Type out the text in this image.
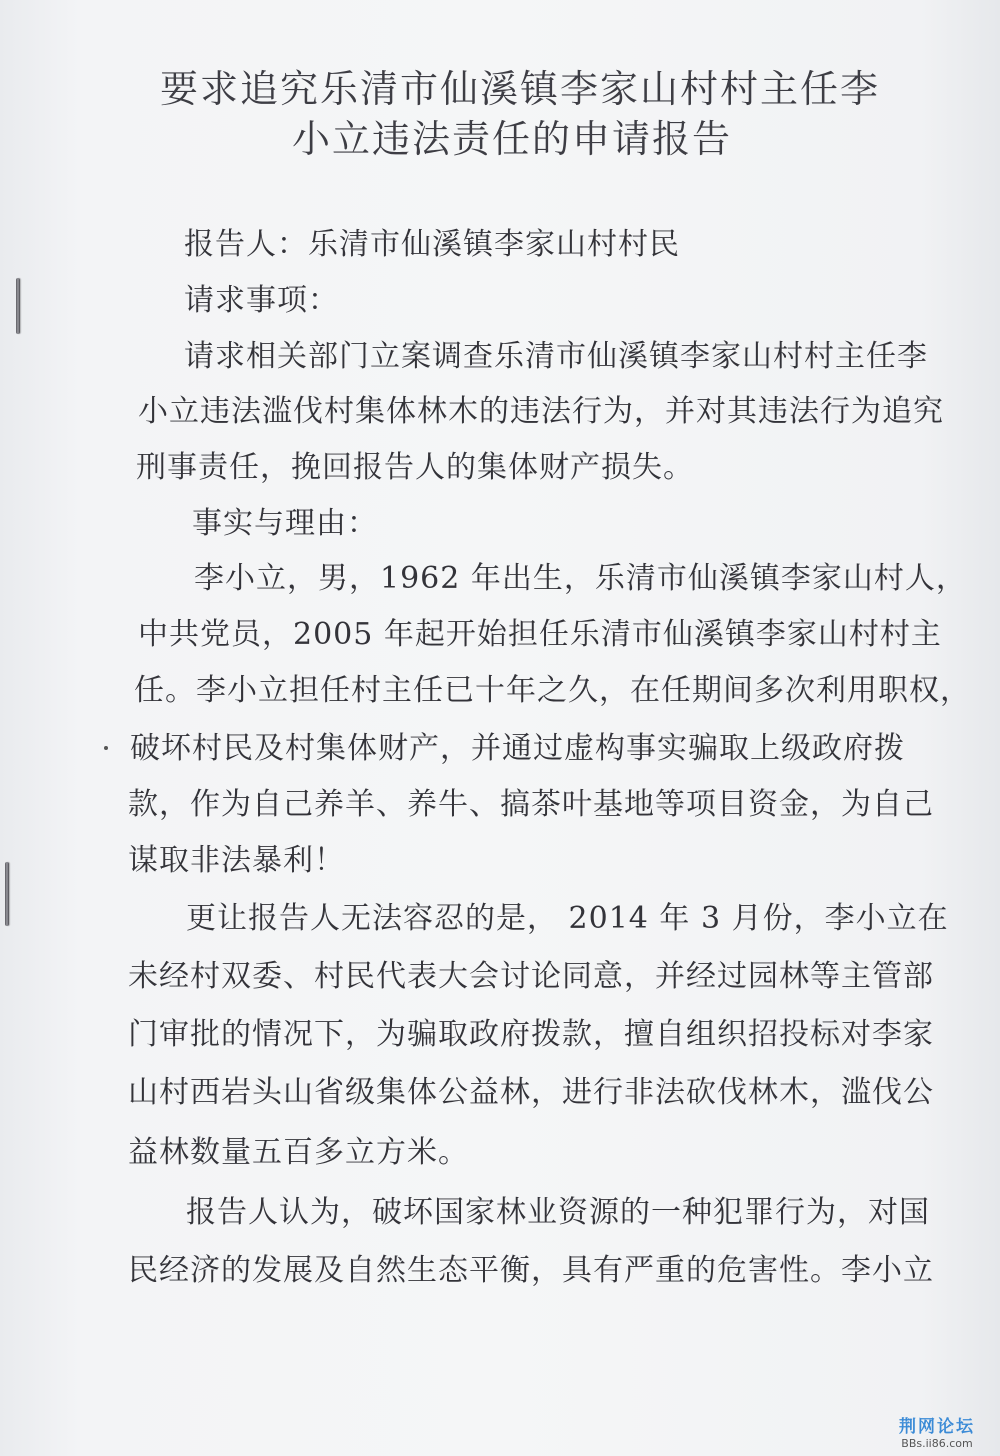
要求追究乐清市仙溪镇李家山村村主任李
小立违法责任的申请报告
报告人：乐清市仙溪镇李家山村村民
请求事项：
请求相关部门立案调查乐清市仙溪镇李家山村村主任李
小立违法滥伐村集体林木的违法行为，并对其违法行为追究
刑事责任，挽回报告人的集体财产损失。
事实与理由：
李小立，男，1962 年出生，乐清市仙溪镇李家山村人，
中共党员，2005 年起开始担任乐清市仙溪镇李家山村村主
任。李小立担任村主任已十年之久，在任期间多次利用职权，
破坏村民及村集体财产，并通过虚构事实骗取上级政府拨
款，作为自己养羊、养牛、搞茶叶基地等项目资金，为自己
谋取非法暴利！
更让报告人无法容忍的是， 2014 年 3 月份，李小立在
未经村双委、村民代表大会讨论同意，并经过园林等主管部
门审批的情况下，为骗取政府拨款，擅自组织招投标对李家
山村西岩头山省级集体公益林，进行非法砍伐林木，滥伐公
益林数量五百多立方米。
报告人认为，破坏国家林业资源的一种犯罪行为，对国
民经济的发展及自然生态平衡，具有严重的危害性。李小立
荆网论坛
BBs.ii86.com
